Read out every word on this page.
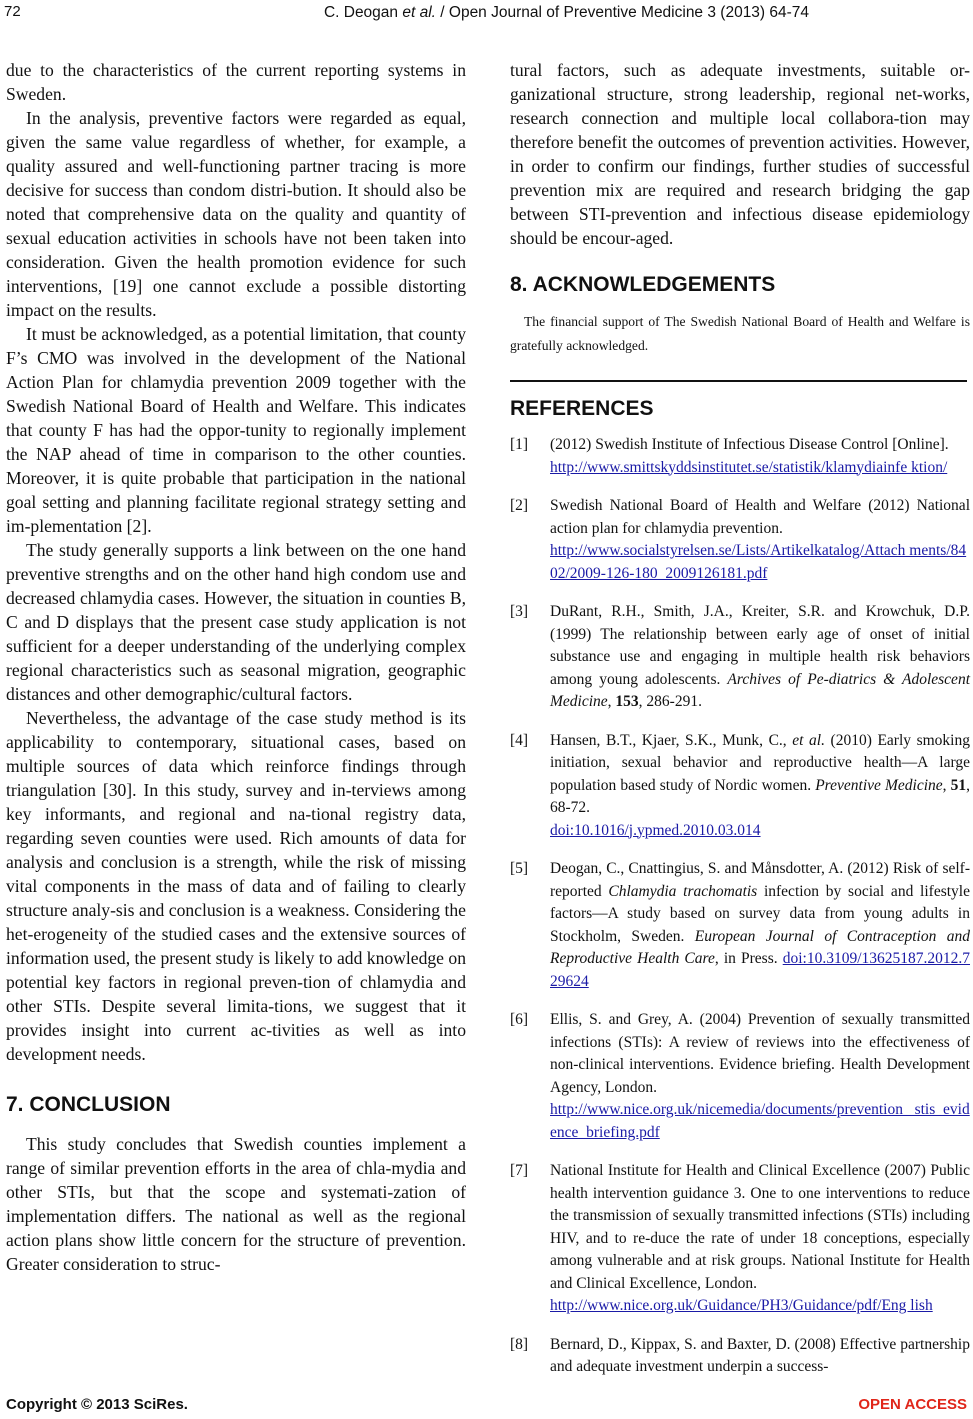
72	C. Deogan et al. / Open Journal of Preventive Medicine 3 (2013) 64-74

due to the characteristics of the current reporting systems in Sweden.

In the analysis, preventive factors were regarded as equal, given the same value regardless of whether, for example, a quality assured and well-functioning partner tracing is more decisive for success than condom distri-bution. It should also be noted that comprehensive data on the quality and quantity of sexual education activities in schools have not been taken into consideration. Given the health promotion evidence for such interventions, [19] one cannot exclude a possible distorting impact on the results.

It must be acknowledged, as a potential limitation, that county F’s CMO was involved in the development of the National Action Plan for chlamydia prevention 2009 together with the Swedish National Board of Health and Welfare. This indicates that county F has had the oppor-tunity to regionally implement the NAP ahead of time in comparison to the other counties. Moreover, it is quite probable that participation in the national goal setting and planning facilitate regional strategy setting and im-plementation [2].

The study generally supports a link between on the one hand preventive strengths and on the other hand high condom use and decreased chlamydia cases. However, the situation in counties B, C and D displays that the present case study application is not sufficient for a deeper understanding of the underlying complex regional characteristics such as seasonal migration, geographic distances and other demographic/cultural factors.

Nevertheless, the advantage of the case study method is its applicability to contemporary, situational cases, based on multiple sources of data which reinforce findings through triangulation [30]. In this study, survey and in-terviews among key informants, and regional and na-tional registry data, regarding seven counties were used. Rich amounts of data for analysis and conclusion is a strength, while the risk of missing vital components in the mass of data and of failing to clearly structure analy-sis and conclusion is a weakness. Considering the het-erogeneity of the studied cases and the extensive sources of information used, the present study is likely to add knowledge on potential key factors in regional preven-tion of chlamydia and other STIs. Despite several limita-tions, we suggest that it provides insight into current ac-tivities as well as into development needs.

7. CONCLUSION

This study concludes that Swedish counties implement a range of similar prevention efforts in the area of chla-mydia and other STIs, but that the scope and systemati-zation of implementation differs. The national as well as the regional action plans show little concern for the structure of prevention. Greater consideration to struc-

tural factors, such as adequate investments, suitable or-ganizational structure, strong leadership, regional net-works, research connection and multiple local collabora-tion may therefore benefit the outcomes of prevention activities. However, in order to confirm our findings, further studies of successful prevention mix are required and research bridging the gap between STI-prevention and infectious disease epidemiology should be encour-aged.

8. ACKNOWLEDGEMENTS

The financial support of The Swedish National Board of Health and Welfare is gratefully acknowledged.

REFERENCES
[1]	(2012) Swedish Institute of Infectious Disease Control [Online].
http://www.smittskyddsinstitutet.se/statistik/klamydiainfe ktion/
[2]	Swedish National Board of Health and Welfare (2012) National action plan for chlamydia prevention.
http://www.socialstyrelsen.se/Lists/Artikelkatalog/Attach ments/8402/2009-126-180_2009126181.pdf
[3]	DuRant, R.H., Smith, J.A., Kreiter, S.R. and Krowchuk, D.P. (1999) The relationship between early age of onset of initial substance use and engaging in multiple health risk behaviors among young adolescents. Archives of Pe-diatrics & Adolescent Medicine, 153, 286-291.
[4]	Hansen, B.T., Kjaer, S.K., Munk, C., et al. (2010) Early smoking initiation, sexual behavior and reproductive health—A large population based study of Nordic women. Preventive Medicine, 51, 68-72.
doi:10.1016/j.ypmed.2010.03.014
[5]	Deogan, C., Cnattingius, S. and Månsdotter, A. (2012) Risk of self-reported Chlamydia trachomatis infection by social and lifestyle factors—A study based on survey data from young adults in Stockholm, Sweden. European Journal of Contraception and Reproductive Health Care, in Press. doi:10.3109/13625187.2012.729624
[6]	Ellis, S. and Grey, A. (2004) Prevention of sexually transmitted infections (STIs): A review of reviews into the effectiveness of non-clinical interventions. Evidence briefing. Health Development Agency, London.
http://www.nice.org.uk/nicemedia/documents/prevention _stis_evidence_briefing.pdf
[7]	National Institute for Health and Clinical Excellence (2007) Public health intervention guidance 3. One to one interventions to reduce the transmission of sexually transmitted infections (STIs) including HIV, and to re-duce the rate of under 18 conceptions, especially among vulnerable and at risk groups. National Institute for Health and Clinical Excellence, London.
http://www.nice.org.uk/Guidance/PH3/Guidance/pdf/Eng lish
[8]	Bernard, D., Kippax, S. and Baxter, D. (2008) Effective partnership and adequate investment underpin a success-
Copyright © 2013 SciRes.	OPEN ACCESS
